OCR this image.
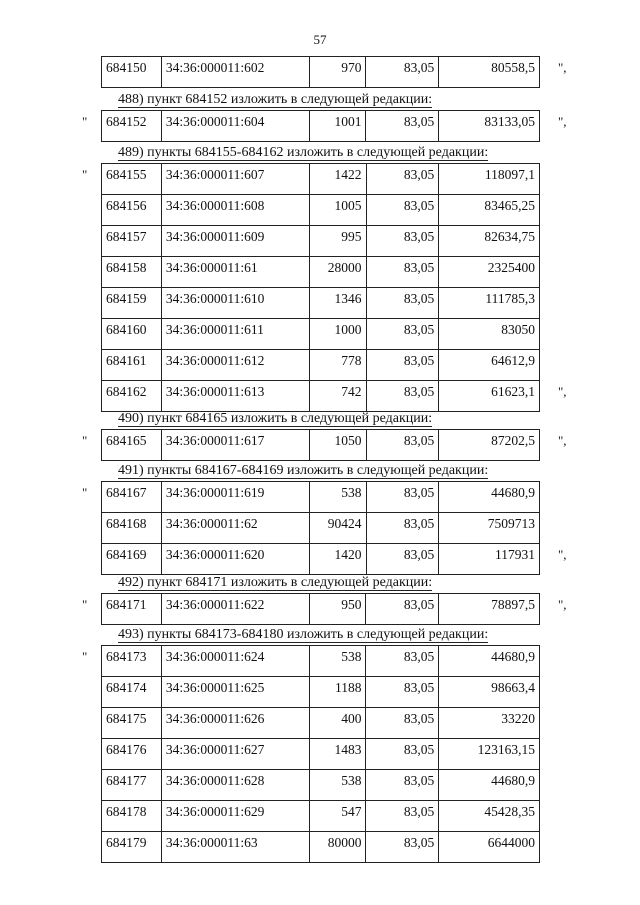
57
684150	34:36:000011:602	970	83,05	80558,5 ",
488) пункт 684152 изложить в следующей редакции:
684152	34:36:000011:604	1001	83,05	83133,05
"	",
489) пункты 684155-684162 изложить в следующей редакции:
684155	34:36:000011:607	1422	83,05	118097,1
684156	34:36:000011:608	1005	83,05	83465,25
684157	34:36:000011:609	995	83,05	82634,75
684158	34:36:000011:61	28000	83,05	2325400
684159	34:36:000011:610	1346	83,05	111785,3
684160	34:36:000011:611	1000	83,05	83050
684161	34:36:000011:612	778	83,05	64612,9
684162	34:36:000011:613	742	83,05	61623,1
"
",
490) пункт 684165 изложить в следующей редакции:
684165	34:36:000011:617	1050	83,05	87202,5
"	",
491) пункты 684167-684169 изложить в следующей редакции:
684167	34:36:000011:619	538	83,05	44680,9
684168	34:36:000011:62	90424	83,05	7509713
684169	34:36:000011:620	1420	83,05	117931
"
",
492) пункт 684171 изложить в следующей редакции:
684171	34:36:000011:622	950	83,05	78897,5
"	",
493) пункты 684173-684180 изложить в следующей редакции:
684173	34:36:000011:624	538	83,05	44680,9
684174	34:36:000011:625	1188	83,05	98663,4
684175	34:36:000011:626	400	83,05	33220
684176	34:36:000011:627	1483	83,05	123163,15
684177	34:36:000011:628	538	83,05	44680,9
684178	34:36:000011:629	547	83,05	45428,35
684179	34:36:000011:63	80000	83,05	6644000
"
